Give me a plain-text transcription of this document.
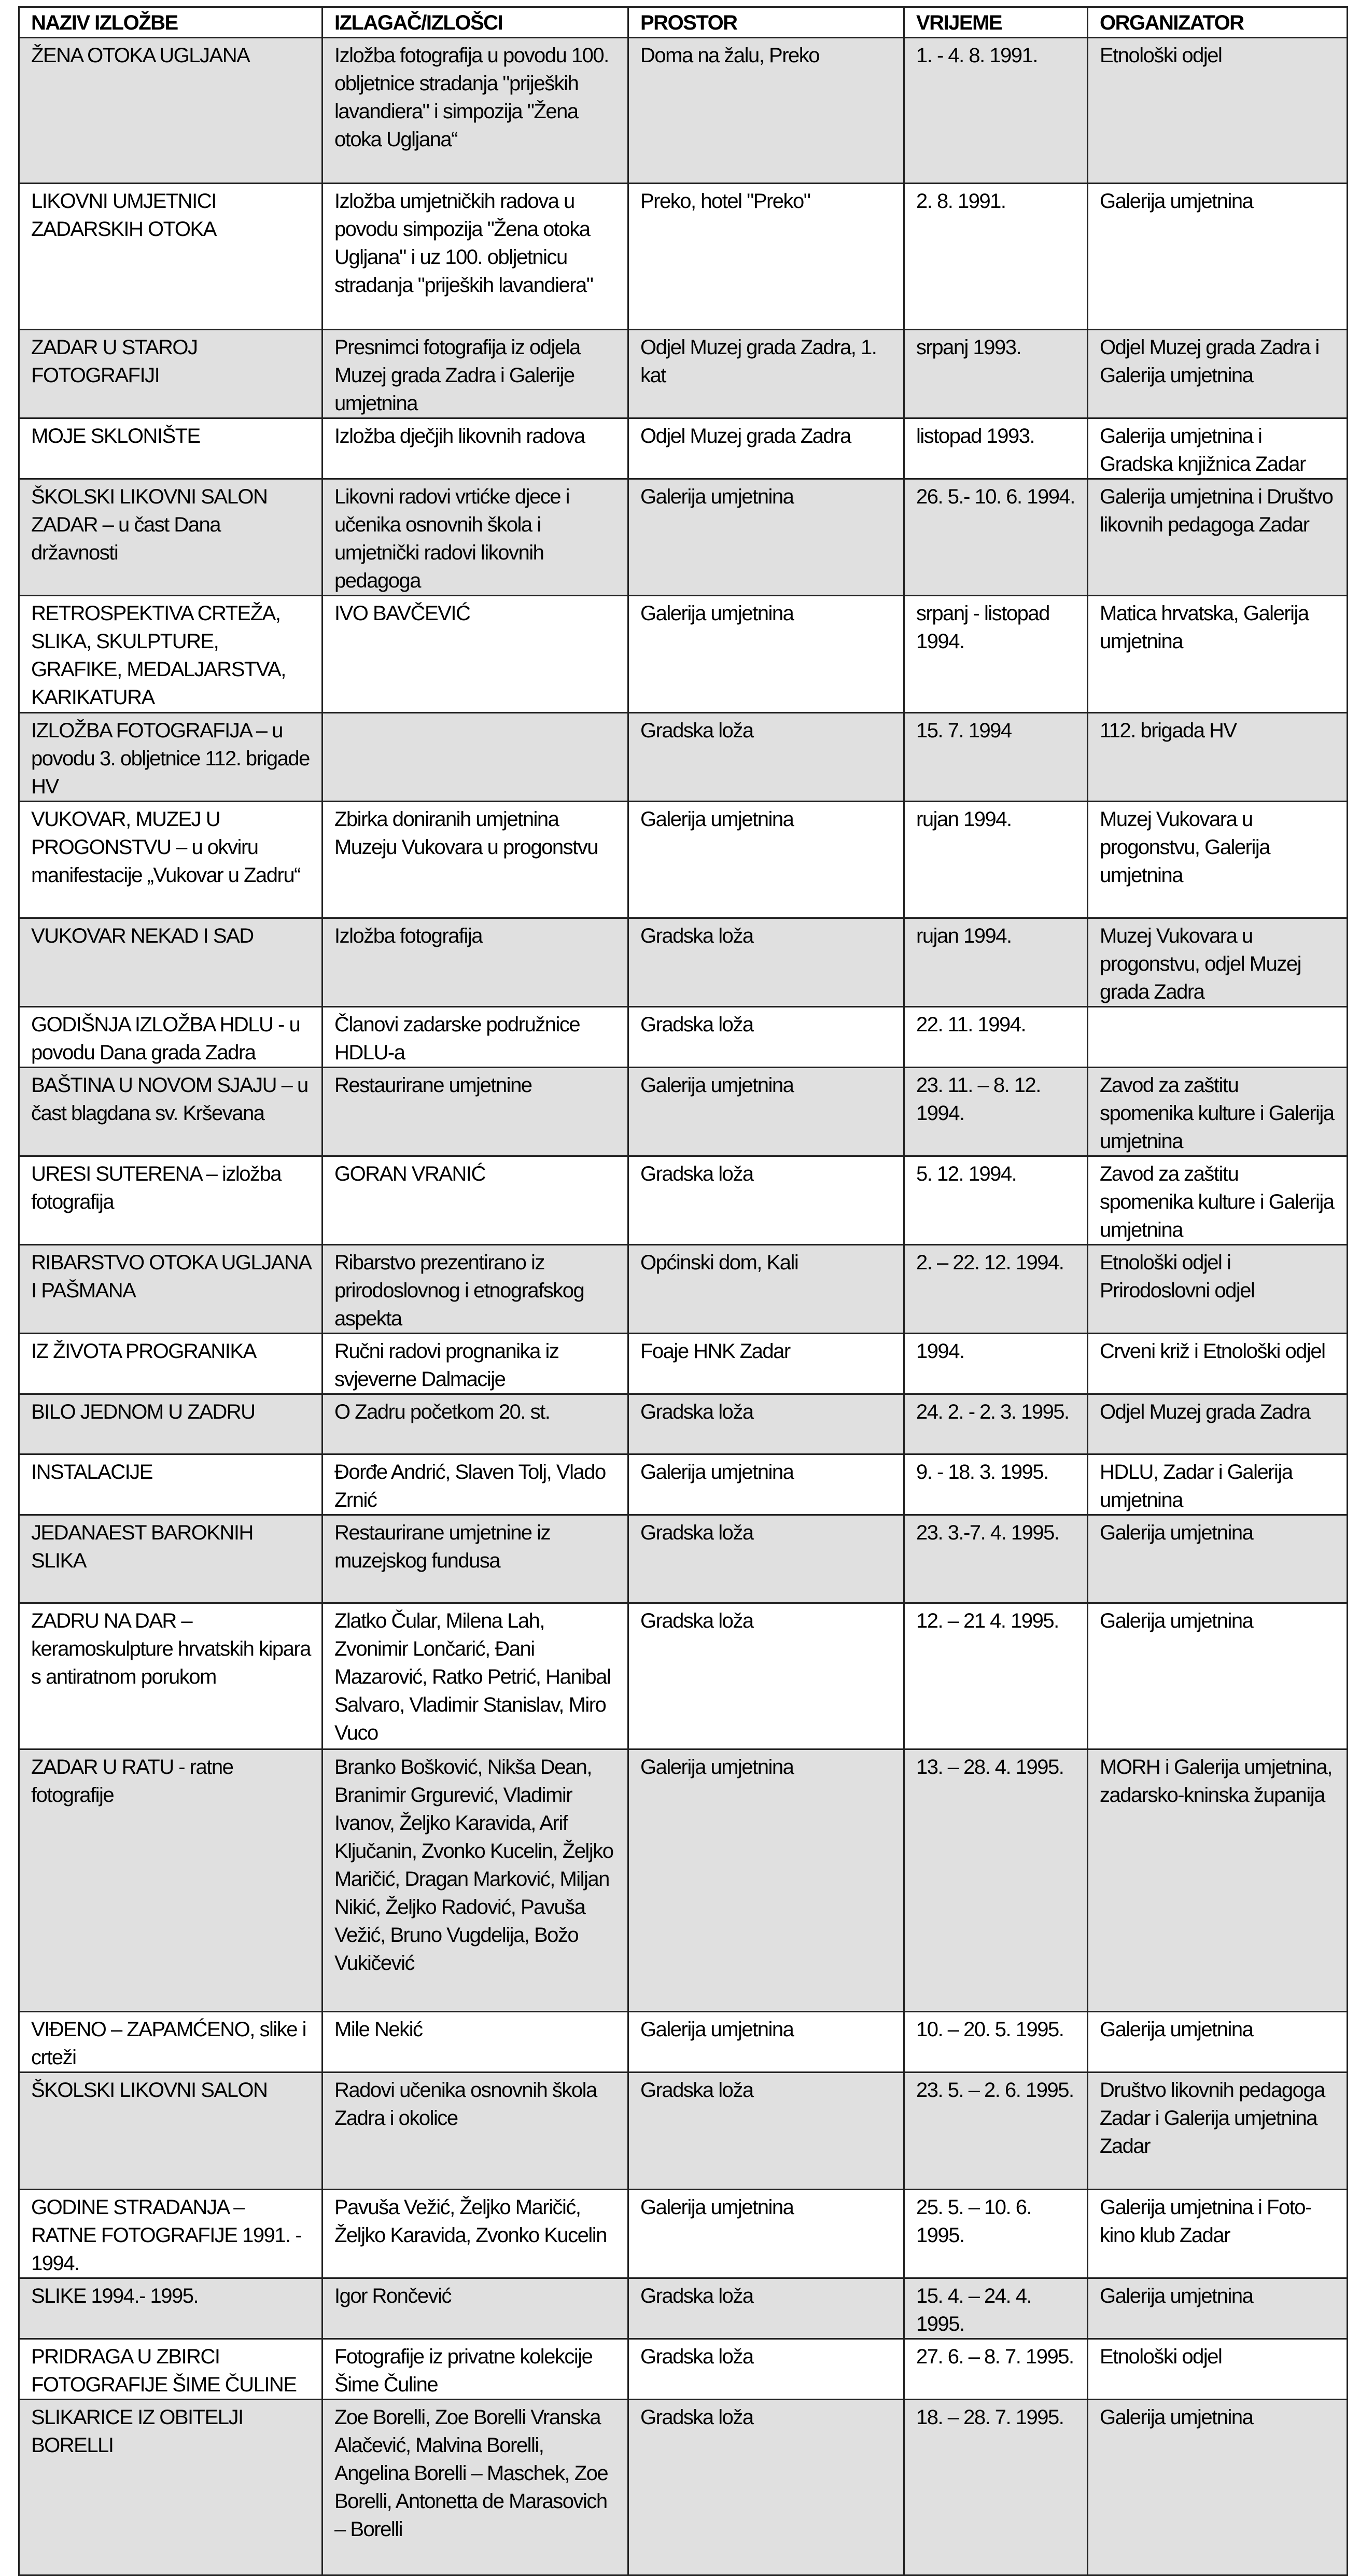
NAZIV IZLOŽBE	IZLAGAČ/IZLOŠCI	PROSTOR	VRIJEME	ORGANIZATOR

ŽENA OTOKA UGLJANA	Izložba fotografija u povodu 100. obljetnice stradanja "prijeških lavandiera" i simpozija "Žena otoka Ugljana“	Doma na žalu, Preko	1. - 4. 8. 1991.	Etnološki odjel

LIKOVNI UMJETNICI ZADARSKIH OTOKA	Izložba umjetničkih radova u povodu simpozija "Žena otoka Ugljana" i uz 100. obljetnicu stradanja "prijeških lavandiera"	Preko, hotel "Preko"	2. 8. 1991.	Galerija umjetnina

ZADAR U STAROJ FOTOGRAFIJI	Presnimci fotografija iz odjela Muzej grada Zadra i Galerije umjetnina	Odjel Muzej grada Zadra, 1. kat	srpanj 1993.	Odjel Muzej grada Zadra i Galerija umjetnina

MOJE SKLONIŠTE	Izložba dječjih likovnih radova	Odjel Muzej grada Zadra	listopad 1993.	Galerija umjetnina i Gradska knjižnica Zadar

ŠKOLSKI LIKOVNI SALON ZADAR – u čast Dana državnosti	Likovni radovi vrtićke djece i učenika osnovnih škola i umjetnički radovi likovnih pedagoga	Galerija umjetnina	26. 5.- 10. 6. 1994.	Galerija umjetnina i Društvo likovnih pedagoga Zadar

RETROSPEKTIVA CRTEŽA, SLIKA, SKULPTURE, GRAFIKE, MEDALJARSTVA, KARIKATURA	IVO BAVČEVIĆ	Galerija umjetnina	srpanj - listopad 1994.	Matica hrvatska, Galerija umjetnina

IZLOŽBA FOTOGRAFIJA – u povodu 3. obljetnice 112. brigade HV		Gradska loža	15. 7. 1994	112. brigada HV

VUKOVAR, MUZEJ U PROGONSTVU – u okviru manifestacije „Vukovar u Zadru“	Zbirka doniranih umjetnina Muzeju Vukovara u progonstvu	Galerija umjetnina	rujan 1994.	Muzej Vukovara u progonstvu, Galerija umjetnina

VUKOVAR NEKAD I SAD	Izložba fotografija	Gradska loža	rujan 1994.	Muzej Vukovara u progonstvu, odjel Muzej grada Zadra

GODIŠNJA IZLOŽBA HDLU - u povodu Dana grada Zadra	Članovi zadarske podružnice HDLU-a	Gradska loža	22. 11. 1994.	

BAŠTINA U NOVOM SJAJU – u čast blagdana sv. Krševana	Restaurirane umjetnine	Galerija umjetnina	23. 11. – 8. 12. 1994.	Zavod za zaštitu spomenika kulture i Galerija umjetnina

URESI SUTERENA – izložba fotografija	GORAN VRANIĆ	Gradska loža	5. 12. 1994.	Zavod za zaštitu spomenika kulture i Galerija umjetnina

RIBARSTVO OTOKA UGLJANA I PAŠMANA	Ribarstvo prezentirano iz prirodoslovnog i etnografskog aspekta	Općinski dom, Kali	2. – 22. 12. 1994.	Etnološki odjel i Prirodoslovni odjel

IZ ŽIVOTA PROGRANIKA	Ručni radovi prognanika iz svjeverne Dalmacije	Foaje HNK Zadar	1994.	Crveni križ i Etnološki odjel

BILO JEDNOM U ZADRU	O Zadru početkom 20. st.	Gradska loža	24. 2. - 2. 3. 1995.	Odjel Muzej grada Zadra

INSTALACIJE	Đorđe Andrić, Slaven Tolj, Vlado Zrnić	Galerija umjetnina	9. - 18. 3. 1995.	HDLU, Zadar i Galerija umjetnina

JEDANAEST BAROKNIH SLIKA	Restaurirane umjetnine iz muzejskog fundusa	Gradska loža	23. 3.-7. 4. 1995.	Galerija umjetnina

ZADRU NA DAR – keramoskulpture hrvatskih kipara s antiratnom porukom	Zlatko Čular, Milena Lah, Zvonimir Lončarić, Đani Mazarović, Ratko Petrić, Hanibal Salvaro, Vladimir Stanislav, Miro Vuco	Gradska loža	12. – 21 4. 1995.	Galerija umjetnina

ZADAR U RATU - ratne fotografije	Branko Bošković, Nikša Dean, Branimir Grgurević, Vladimir Ivanov, Željko Karavida, Arif Ključanin, Zvonko Kucelin, Željko Maričić, Dragan Marković, Miljan Nikić, Željko Radović, Pavuša Vežić, Bruno Vugdelija, Božo Vukičević	Galerija umjetnina	13. – 28. 4. 1995.	MORH i Galerija umjetnina, zadarsko-kninska županija

VIĐENO – ZAPAMĆENO, slike i crteži	Mile Nekić	Galerija umjetnina	10. – 20. 5. 1995.	Galerija umjetnina

ŠKOLSKI LIKOVNI SALON	Radovi učenika osnovnih škola Zadra i okolice	Gradska loža	23. 5. – 2. 6. 1995.	Društvo likovnih pedagoga Zadar i Galerija umjetnina Zadar

GODINE STRADANJA – RATNE FOTOGRAFIJE 1991. - 1994.	Pavuša Vežić, Željko Maričić, Željko Karavida, Zvonko Kucelin	Galerija umjetnina	25. 5. – 10. 6. 1995.	Galerija umjetnina i Foto-kino klub Zadar

SLIKE 1994.- 1995.	Igor Rončević	Gradska loža	15. 4. – 24. 4. 1995.	Galerija umjetnina

PRIDRAGA U ZBIRCI FOTOGRAFIJE ŠIME ČULINE	Fotografije iz privatne kolekcije Šime Čuline	Gradska loža	27. 6. – 8. 7. 1995.	Etnološki odjel

SLIKARICE IZ OBITELJI BORELLI	Zoe Borelli, Zoe Borelli Vranska Alačević, Malvina Borelli, Angelina Borelli – Maschek, Zoe Borelli, Antonetta de Marasovich – Borelli	Gradska loža	18. – 28. 7. 1995.	Galerija umjetnina
